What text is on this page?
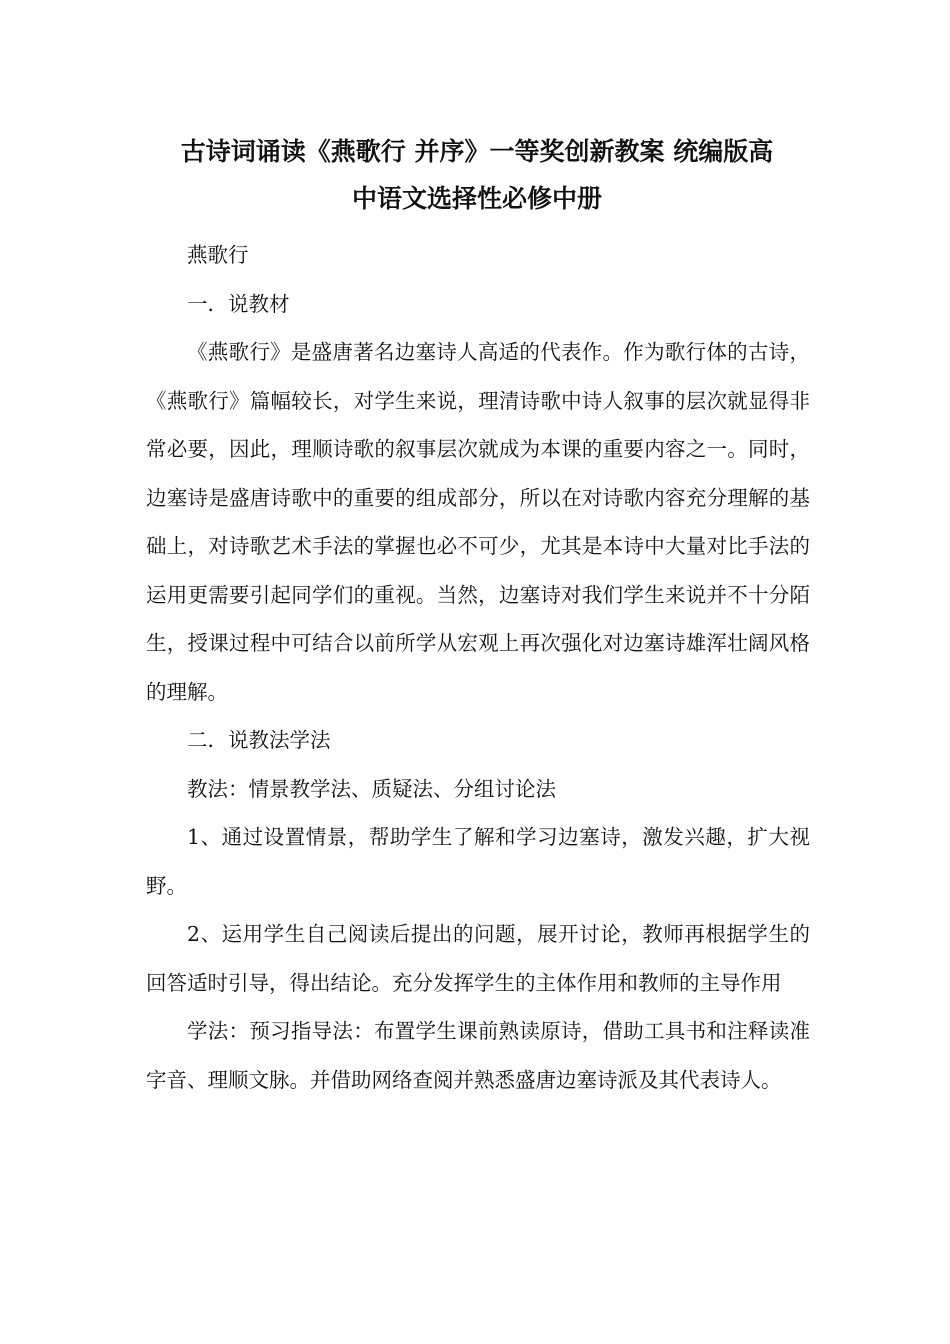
古诗词诵读《燕歌行 并序》一等奖创新教案 统编版高
中语文选择性必修中册

燕歌行

一．说教材

《燕歌行》是盛唐著名边塞诗人高适的代表作。作为歌行体的古诗，《燕歌行》篇幅较长，对学生来说，理清诗歌中诗人叙事的层次就显得非常必要，因此，理顺诗歌的叙事层次就成为本课的重要内容之一。同时，边塞诗是盛唐诗歌中的重要的组成部分，所以在对诗歌内容充分理解的基础上，对诗歌艺术手法的掌握也必不可少，尤其是本诗中大量对比手法的运用更需要引起同学们的重视。当然，边塞诗对我们学生来说并不十分陌生，授课过程中可结合以前所学从宏观上再次强化对边塞诗雄浑壮阔风格的理解。

二．说教法学法

教法：情景教学法、质疑法、分组讨论法

1、通过设置情景，帮助学生了解和学习边塞诗，激发兴趣，扩大视野。

2、运用学生自己阅读后提出的问题，展开讨论，教师再根据学生的回答适时引导，得出结论。充分发挥学生的主体作用和教师的主导作用

学法：预习指导法：布置学生课前熟读原诗，借助工具书和注释读准字音、理顺文脉。并借助网络查阅并熟悉盛唐边塞诗派及其代表诗人。
